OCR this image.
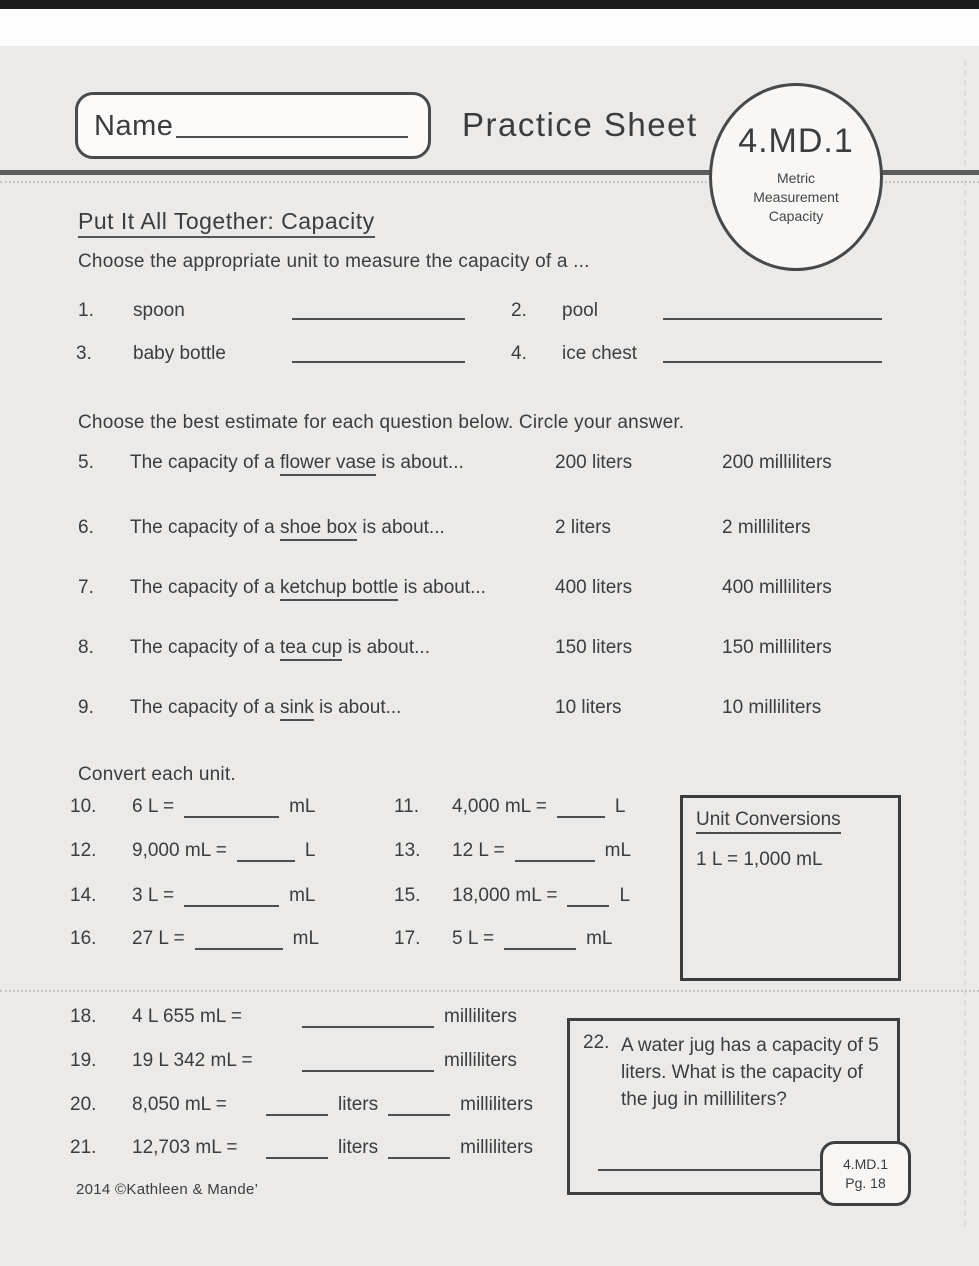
Name	Practice Sheet	4.MD.1
Metric
Measurement
Capacity
Put It All Together: Capacity
Choose the appropriate unit to measure the capacity of a ...
1. spoon	2. pool
3. baby bottle	4. ice chest
Choose the best estimate for each question below. Circle your answer.
5. The capacity of a flower vase is about...	200 liters	200 milliliters
6. The capacity of a shoe box is about...	2 liters	2 milliliters
7. The capacity of a ketchup bottle is about...	400 liters	400 milliliters
8. The capacity of a tea cup is about...	150 liters	150 milliliters
9. The capacity of a sink is about...	10 liters	10 milliliters
Convert each unit.
10. 6 L =	mL	11. 4,000 mL =	L
12. 9,000 mL =	L	13. 12 L =	mL
14. 3 L =	mL	15. 18,000 mL =	L
16. 27 L =	mL	17. 5 L =	mL
Unit Conversions
1 L = 1,000 mL
18. 4 L 655 mL =	milliliters
19. 19 L 342 mL =	milliliters
20. 8,050 mL =	liters	milliliters
21. 12,703 mL =	liters	milliliters
22. A water jug has a capacity of 5 liters. What is the capacity of the jug in milliliters?
4.MD.1
Pg. 18
2014 ©Kathleen & Mande’
